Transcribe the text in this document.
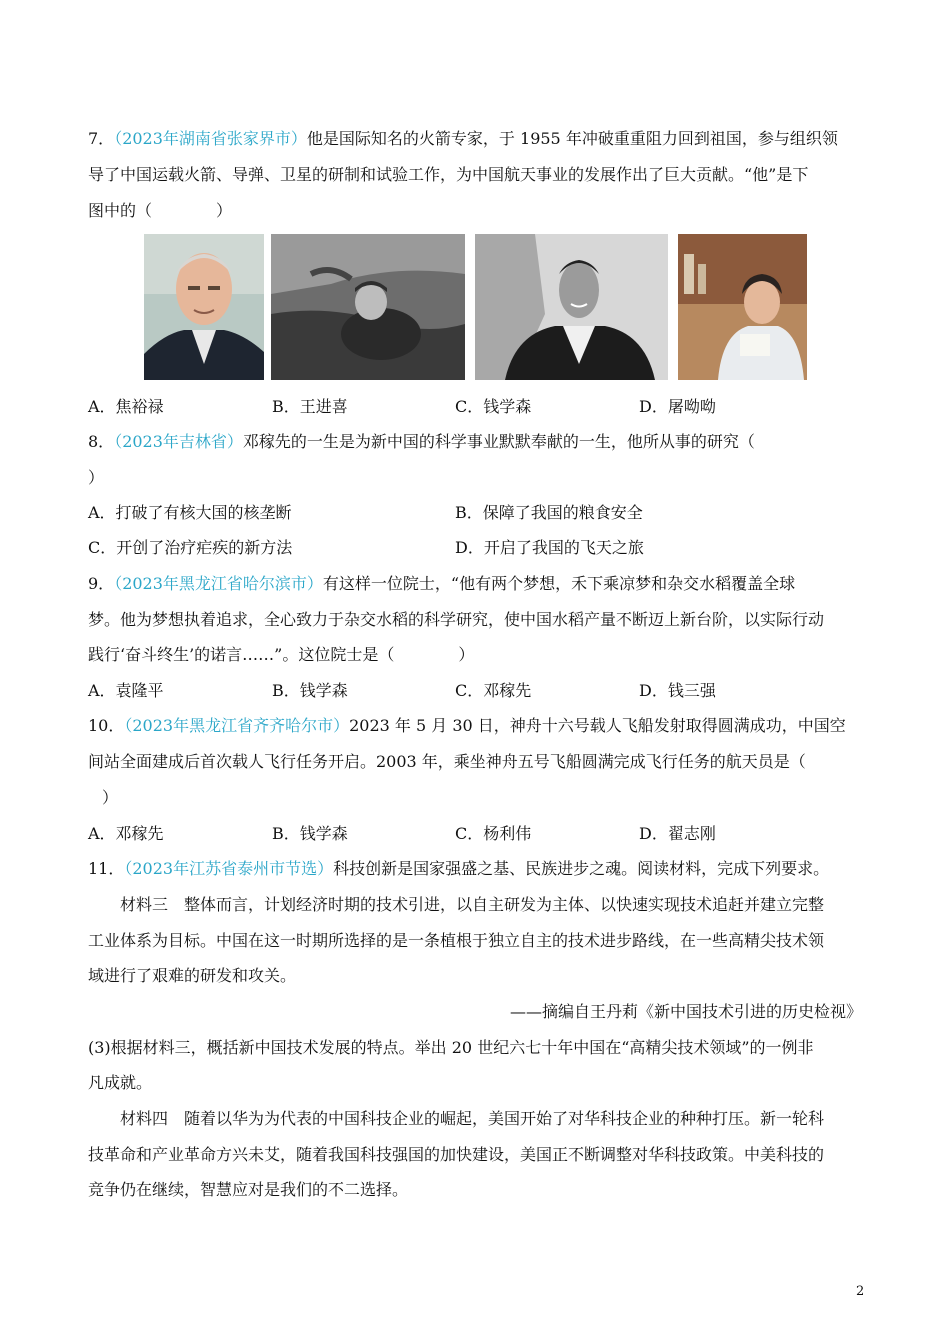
7．（2023年湖南省张家界市）他是国际知名的火箭专家，于 1955 年冲破重重阻力回到祖国，参与组织领
导了中国运载火箭、导弹、卫星的研制和试验工作，为中国航天事业的发展作出了巨大贡献。“他”是下
图中的（　　　　）
A．焦裕禄	B．王进喜	C．钱学森	D．屠呦呦
8．（2023年吉林省）邓稼先的一生是为新中国的科学事业默默奉献的一生，他所从事的研究（
）
A．打破了有核大国的核垄断	B．保障了我国的粮食安全
C．开创了治疗疟疾的新方法	D．开启了我国的飞天之旅
9．（2023年黑龙江省哈尔滨市）有这样一位院士，“他有两个梦想，禾下乘凉梦和杂交水稻覆盖全球
梦。他为梦想执着追求，全心致力于杂交水稻的科学研究，使中国水稻产量不断迈上新台阶，以实际行动
践行‘奋斗终生’的诺言……”。这位院士是（　　　　）
A．袁隆平	B．钱学森	C．邓稼先	D．钱三强
10．（2023年黑龙江省齐齐哈尔市）2023 年 5 月 30 日，神舟十六号载人飞船发射取得圆满成功，中国空
间站全面建成后首次载人飞行任务开启。2003 年，乘坐神舟五号飞船圆满完成飞行任务的航天员是（
）
A．邓稼先	B．钱学森	C．杨利伟	D．翟志刚
11．（2023年江苏省泰州市节选）科技创新是国家强盛之基、民族进步之魂。阅读材料，完成下列要求。
材料三　整体而言，计划经济时期的技术引进，以自主研发为主体、以快速实现技术追赶并建立完整
工业体系为目标。中国在这一时期所选择的是一条植根于独立自主的技术进步路线，在一些高精尖技术领
域进行了艰难的研发和攻关。
——摘编自王丹莉《新中国技术引进的历史检视》
(3)根据材料三，概括新中国技术发展的特点。举出 20 世纪六七十年中国在“高精尖技术领域”的一例非
凡成就。
材料四　随着以华为为代表的中国科技企业的崛起，美国开始了对华科技企业的种种打压。新一轮科
技革命和产业革命方兴未艾，随着我国科技强国的加快建设，美国正不断调整对华科技政策。中美科技的
竞争仍在继续，智慧应对是我们的不二选择。
2
